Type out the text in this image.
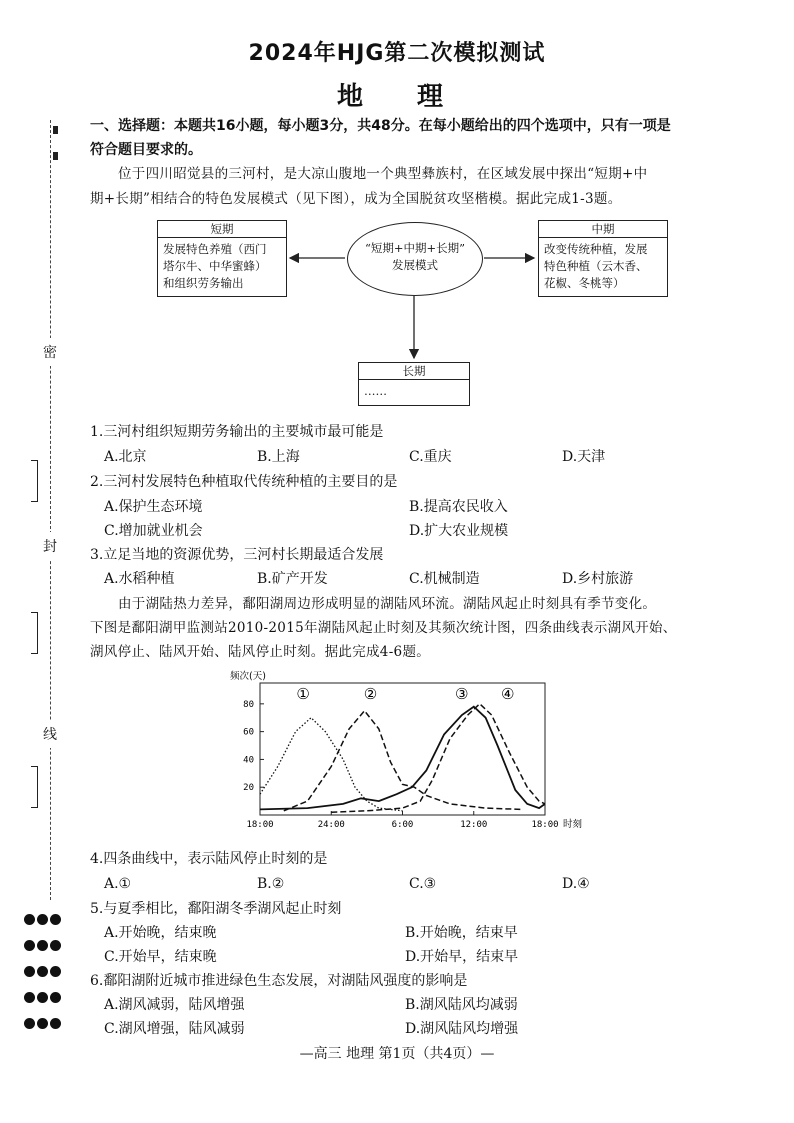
2024年HJG第二次模拟测试
地　理
密
封
线
一、选择题：本题共16小题，每小题3分，共48分。在每小题给出的四个选项中，只有一项是
符合题目要求的。
位于四川昭觉县的三河村，是大凉山腹地一个典型彝族村，在区域发展中探出“短期+中
期+长期”相结合的特色发展模式（见下图），成为全国脱贫攻坚楷模。据此完成1-3题。
短期
发展特色养殖（西门
塔尔牛、中华蜜蜂）
和组织劳务输出
“短期+中期+长期”
发展模式
中期
改变传统种植，发展
特色种植（云木香、
花椒、冬桃等）
长期
……
1.三河村组织短期劳务输出的主要城市最可能是
A.北京	B.上海	C.重庆	D.天津
2.三河村发展特色种植取代传统种植的主要目的是
A.保护生态环境	B.提高农民收入
C.增加就业机会	D.扩大农业规模
3.立足当地的资源优势，三河村长期最适合发展
A.水稻种植	B.矿产开发	C.机械制造	D.乡村旅游
由于湖陆热力差异，鄱阳湖周边形成明显的湖陆风环流。湖陆风起止时刻具有季节变化。
下图是鄱阳湖甲监测站2010-2015年湖陆风起止时刻及其频次统计图，四条曲线表示湖风开始、
湖风停止、陆风开始、陆风停止时刻。据此完成4-6题。
20
40
60
80
18:00	24:00	6:00	12:00	18:00
频次(天)
时刻
①	②	③ ④
4.四条曲线中，表示陆风停止时刻的是
A.①	B.②	C.③	D.④
5.与夏季相比，鄱阳湖冬季湖风起止时刻
A.开始晚，结束晚	B.开始晚，结束早
C.开始早，结束晚	D.开始早，结束早
6.鄱阳湖附近城市推进绿色生态发展，对湖陆风强度的影响是
A.湖风减弱，陆风增强	B.湖风陆风均减弱
C.湖风增强，陆风减弱	D.湖风陆风均增强
—高三 地理 第1页（共4页）—
